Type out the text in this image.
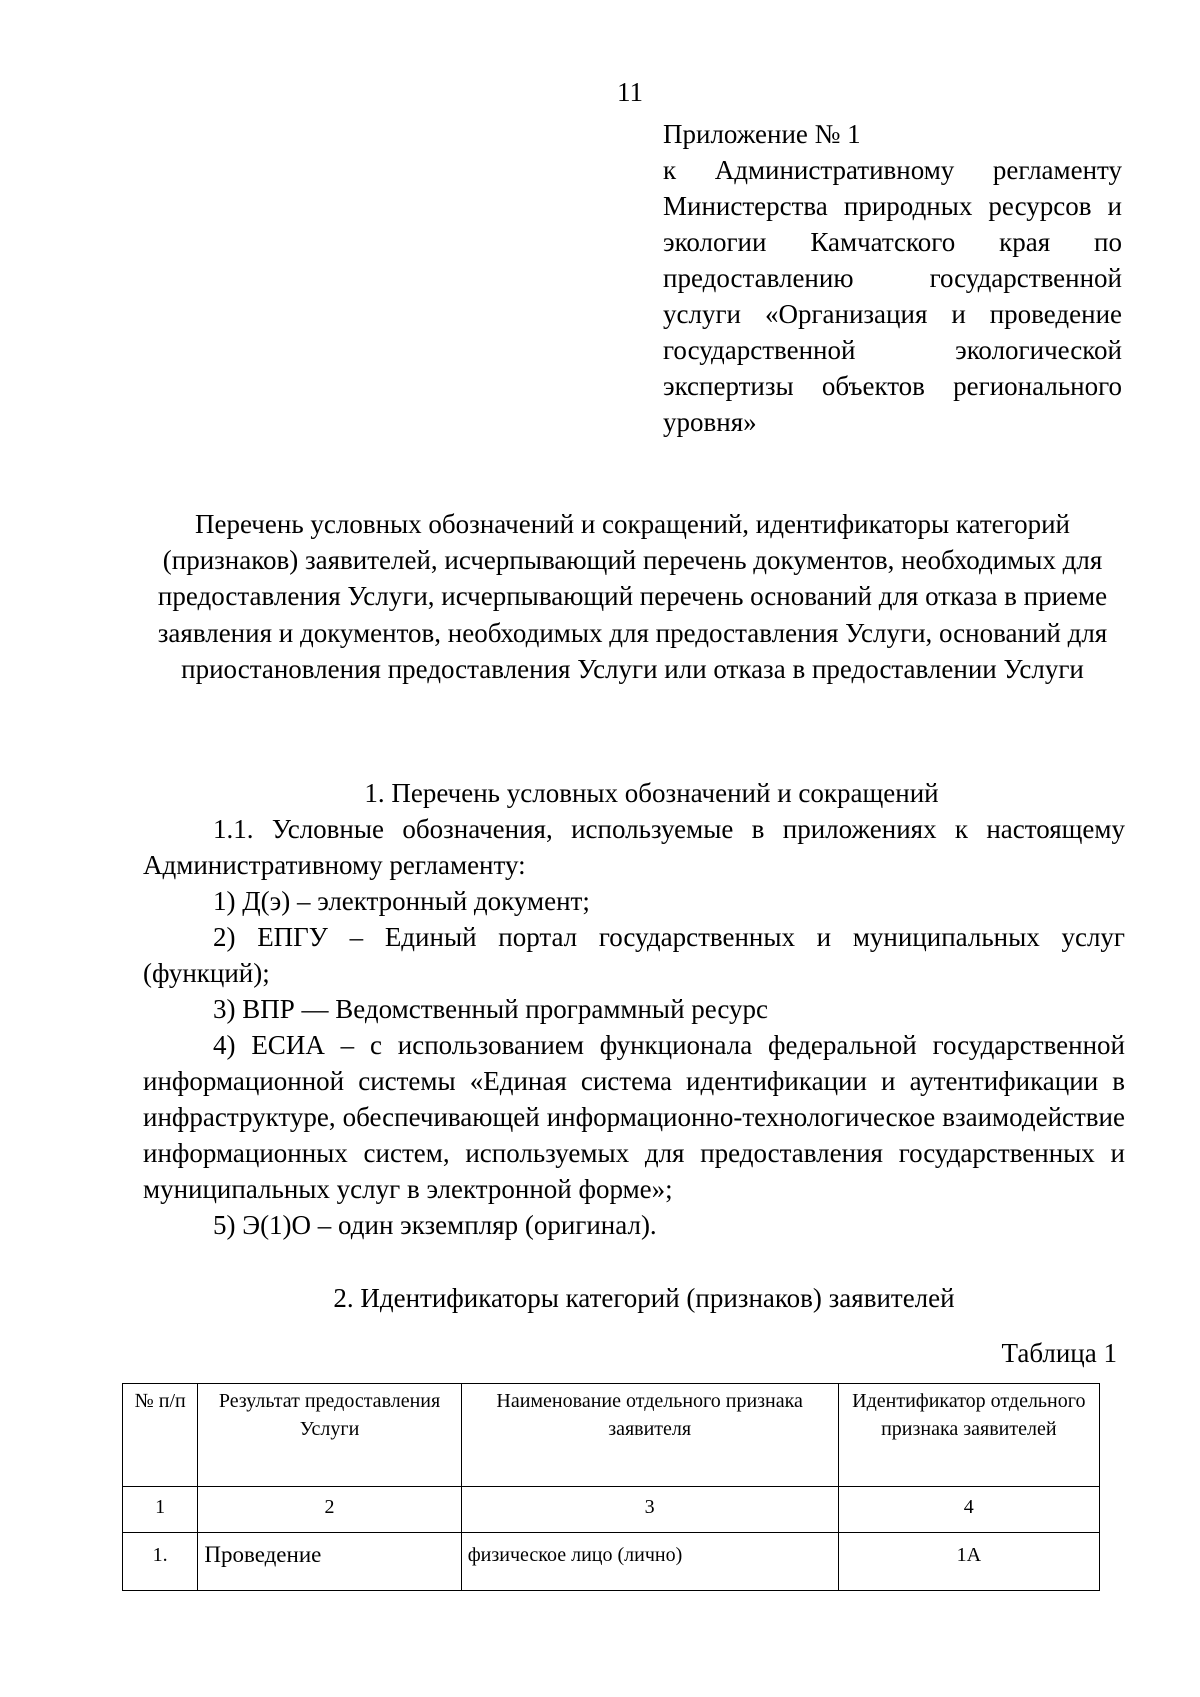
11
Приложение № 1
к Административному регламенту Министерства природных ресурсов и экологии Камчатского края по предоставлению государственной услуги «Организация и проведение государственной экологической экспертизы объектов регионального уровня»
Перечень условных обозначений и сокращений, идентификаторы категорий (признаков) заявителей, исчерпывающий перечень документов, необходимых для предоставления Услуги, исчерпывающий перечень оснований для отказа в приеме заявления и документов, необходимых для предоставления Услуги, оснований для приостановления предоставления Услуги или отказа в предоставлении Услуги
1. Перечень условных обозначений и сокращений

1.1. Условные обозначения, используемые в приложениях к настоящему Административному регламенту:

1) Д(э) – электронный документ;

2) ЕПГУ – Единый портал государственных и муниципальных услуг (функций);

3) ВПР — Ведомственный программный ресурс

4) ЕСИА – с использованием функционала федеральной государственной информационной системы «Единая система идентификации и аутентификации в инфраструктуре, обеспечивающей информационно-технологическое взаимодействие информационных систем, используемых для предоставления государственных и муниципальных услуг в электронной форме»;

5) Э(1)О – один экземпляр (оригинал).

2. Идентификаторы категорий (признаков) заявителей
Таблица 1
№ п/п	Результат предоставления Услуги	Наименование отдельного признака заявителя	Идентификатор отдельного признака заявителей
1	2	3	4
1.	Проведение	физическое лицо (лично)	1А
